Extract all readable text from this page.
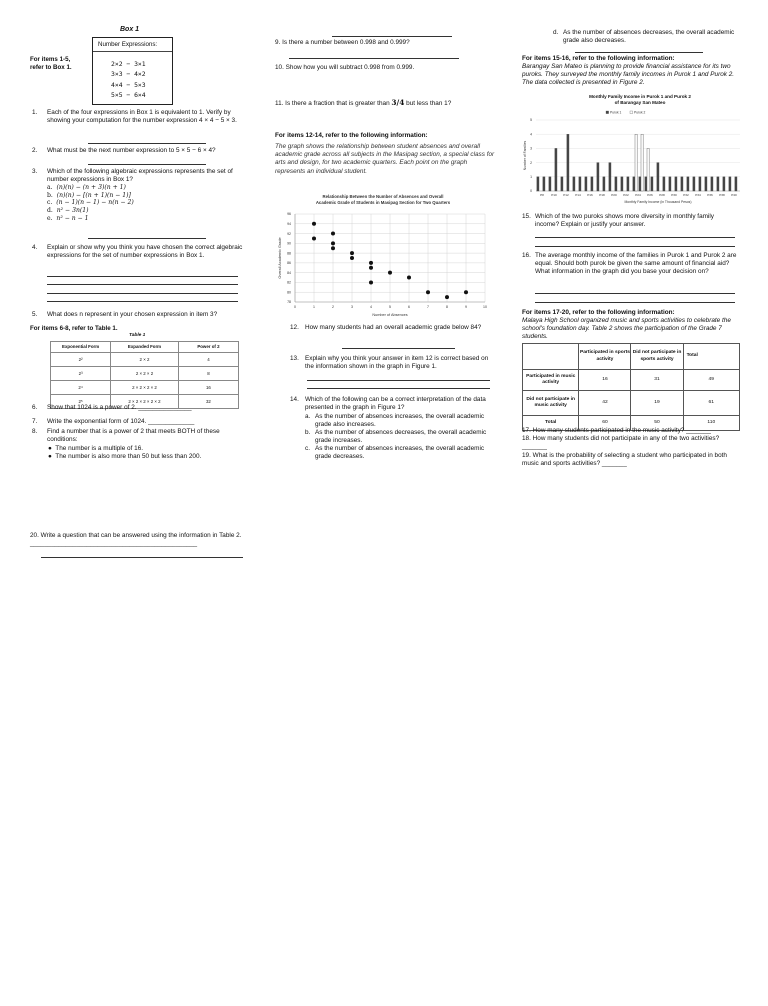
Box 1
For items 1-5,
refer to Box 1.
Number Expressions:
2×2 − 3×1
3×3 − 4×2
4×4 − 5×3
5×5 − 6×4
1. Each of the four expressions in Box 1 is equivalent to 1. Verify by showing your computation for the number expression 4 × 4 − 5 × 3.
2. What must be the next number expression to 5 × 5 − 6 × 4?
3. Which of the following algebraic expressions represents the set of number expressions in Box 1?
a. (n)(n) − (n + 3)(n + 1)
b. (n)(n) − [(n + 1)(n − 1)]
c. (n − 1)(n − 1) − n(n − 2)
d. n² − 3n(1)
e. n² − n − 1
4. Explain or show why you think you have chosen the correct algebraic expressions for the set of number expressions in Box 1.
5. What does n represent in your chosen expression in item 3?
For items 6-8, refer to Table 1.
Table 1
Exponential Form	Expanded Form	Power of 2
2²	2 × 2	4
2³	2 × 2 × 2	8
2⁴	2 × 2 × 2 × 2	16
2⁵	2 × 2 × 2 × 2 × 2	32
6. Show that 1024 is a power of 2. _______________
7. Write the exponential form of 1024. _____________
8. Find a number that is a power of 2 that meets BOTH of these conditions:
●  The number is a multiple of 16.
●  The number is also more than 50 but less than 200.
20. Write a question that can be answered using the information in Table 2. _______________________________________________
9. Is there a number between 0.998 and 0.999?
10. Show how you will subtract 0.998 from 0.999.
11. Is there a fraction that is greater than 3/4 but less than 1?
For items 12-14, refer to the following information:
The graph shows the relationship between student absences and overall academic grade across all subjects in the Masipag section, a special class for arts and design, for two academic quarters. Each point on the graph represents an individual student.
Relationship Between the Number of Absences and Overall
Academic Grade of Students in Masipag Section for Two Quarters
78
80
82
84
86
88
90
92
94
96
0	1	2	3	4	5	6	7	8	9	10
Overall Academic Grade
Number of Absences
12. How many students had an overall academic grade below 84?
13. Explain why you think your answer in item 12 is correct based on the information shown in the graph in Figure 1.
14. Which of the following can be a correct interpretation of the data presented in the graph in Figure 1?
a. As the number of absences increases, the overall academic grade also increases.
b. As the number of absences decreases, the overall academic grade increases.
c. As the number of absences increases, the overall academic grade decreases.
d. As the number of absences decreases, the overall academic grade also decreases.
For items 15-16, refer to the following information:
Barangay San Mateo is planning to provide financial assistance for its two puroks. They surveyed the monthly family incomes in Purok 1 and Purok 2. The data collected is presented in Figure 2.
Monthly Family Income in Purok 1 and Purok 2
of Barangay San Mateo
Purok 1	Purok 2
0
1
2
3
4
5
P8 P10 P12 P14 P16 P18 P20 P22 P24 P26 P28 P30 P32 P34 P36 P38 P40
Number of Families
Monthly Family Income (in Thousand Pesos)
15. Which of the two puroks shows more diversity in monthly family income? Explain or justify your answer.
16. The average monthly income of the families in Purok 1 and Purok 2 are equal. Should both purok be given the same amount of financial aid? What information in the graph did you base your decision on?
For items 17-20, refer to the following information:
Malaya High School organized music and sports activities to celebrate the school's foundation day. Table 2 shows the participation of the Grade 7 students.
	Participated in sports activity	Did not participate in sports activity	Total
Participated in music activity	16	31	49
Did not participate in music activity	42	19	61
Total	60	50	110
17. How many students participated in the music activity? _______
18. How many students did not participate in any of the two activities? _______
19. What is the probability of selecting a student who participated in both music and sports activities? _______
